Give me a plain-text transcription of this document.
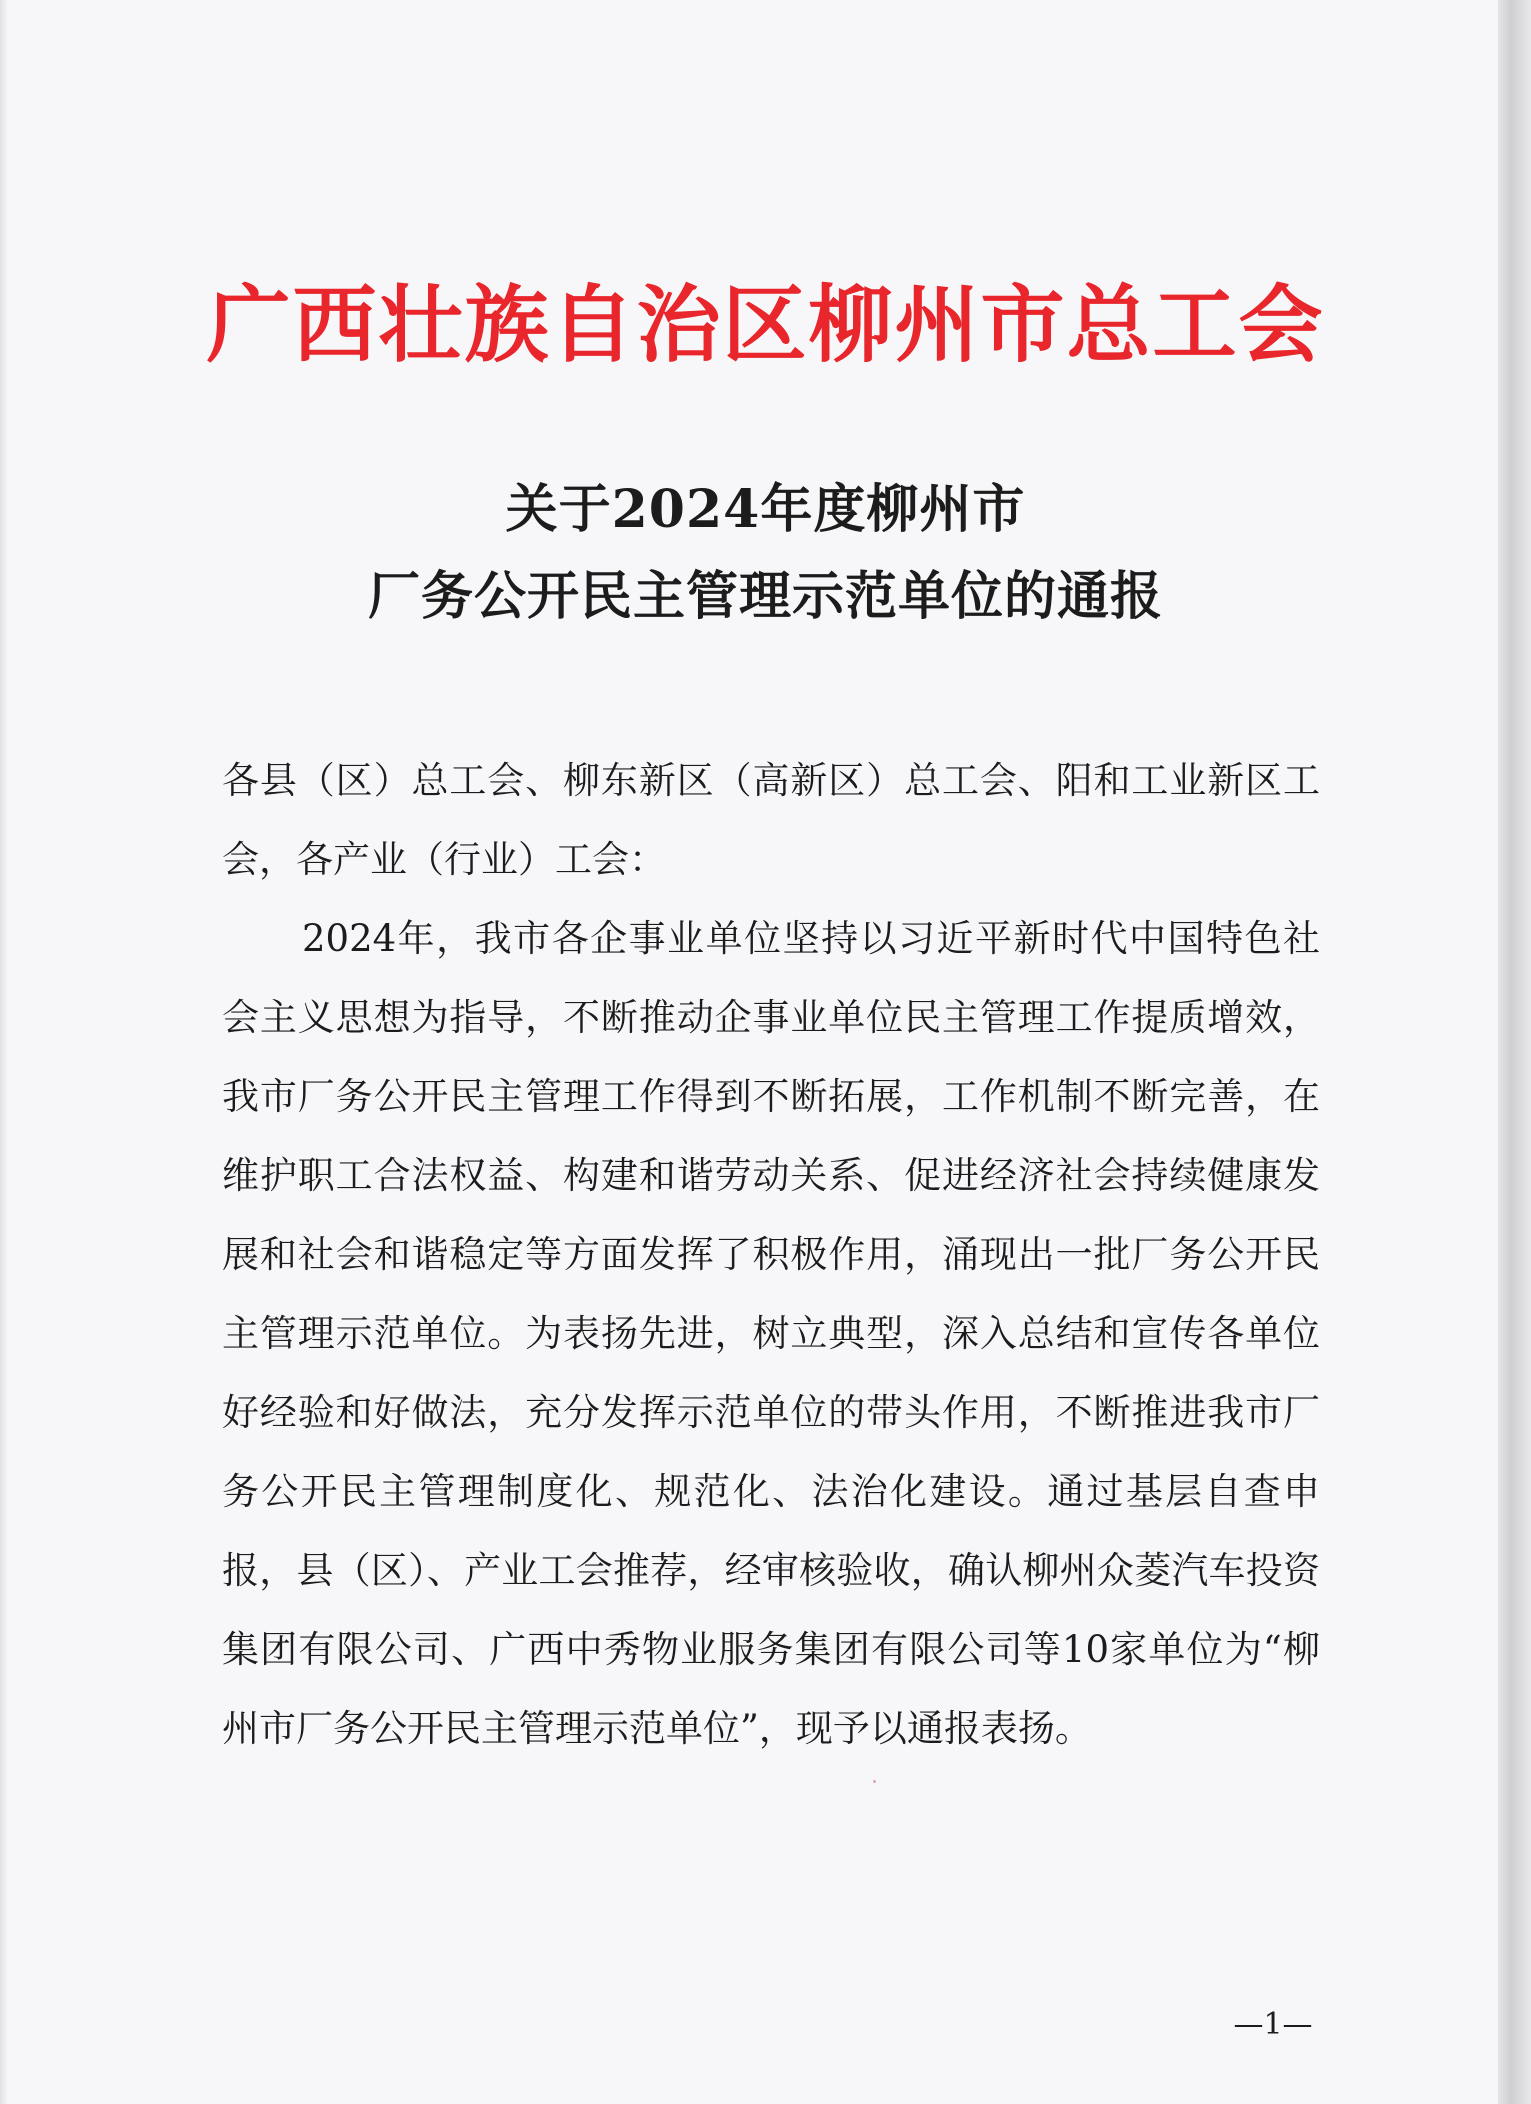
广西壮族自治区柳州市总工会
关于2024年度柳州市
厂务公开民主管理示范单位的通报
各县（区）总工会、柳东新区（高新区）总工会、阳和工业新区工会，各产业（行业）工会：
2024年，我市各企事业单位坚持以习近平新时代中国特色社会主义思想为指导，不断推动企事业单位民主管理工作提质增效，我市厂务公开民主管理工作得到不断拓展，工作机制不断完善，在维护职工合法权益、构建和谐劳动关系、促进经济社会持续健康发展和社会和谐稳定等方面发挥了积极作用，涌现出一批厂务公开民主管理示范单位。为表扬先进，树立典型，深入总结和宣传各单位好经验和好做法，充分发挥示范单位的带头作用，不断推进我市厂务公开民主管理制度化、规范化、法治化建设。通过基层自查申报，县（区）、产业工会推荐，经审核验收，确认柳州众菱汽车投资集团有限公司、广西中秀物业服务集团有限公司等10家单位为“柳州市厂务公开民主管理示范单位”，现予以通报表扬。
—1—
